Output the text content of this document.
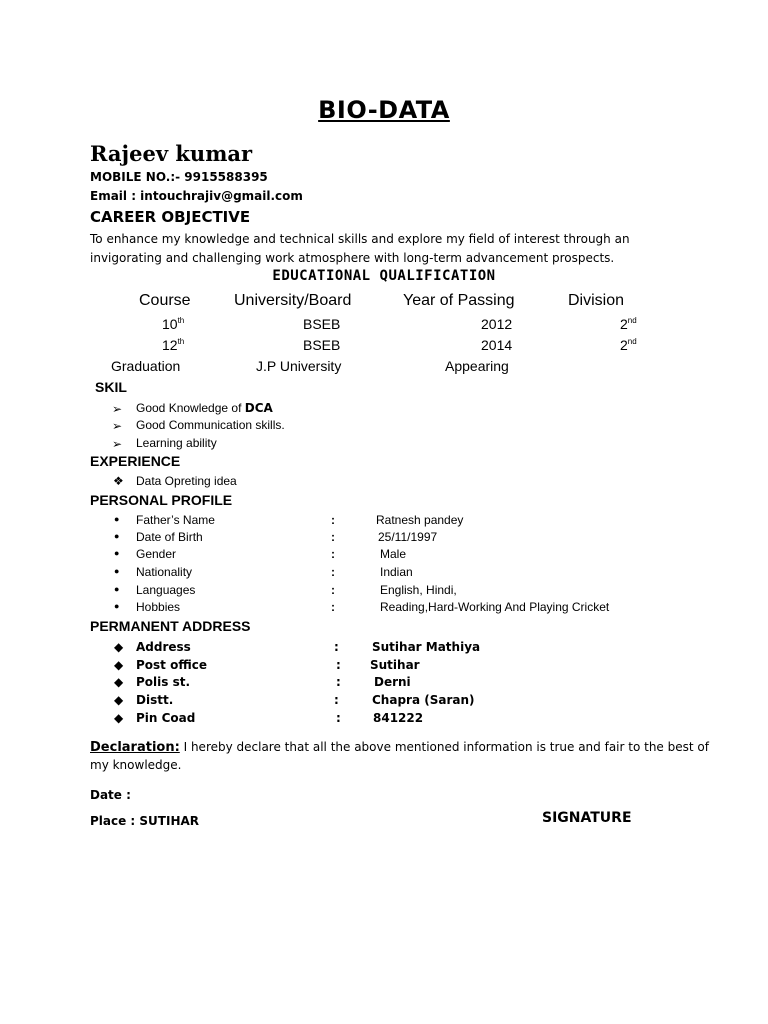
BIO-DATA
Rajeev kumar
MOBILE NO.:- 9915588395
Email : intouchrajiv@gmail.com
CAREER OBJECTIVE
To enhance my knowledge and technical skills and explore my field of interest through an invigorating and challenging work atmosphere with long-term advancement prospects.
EDUCATIONAL QUALIFICATION
Course	University/Board	Year of Passing	Division
10th	BSEB	2012	2nd
12th	BSEB	2014	2nd
Graduation	J.P University	Appearing
SKIL
➢ Good Knowledge of DCA
➢ Good Communication skills.
➢ Learning ability
EXPERIENCE
❖ Data Opreting idea
PERSONAL PROFILE
● Father’s Name	:	Ratnesh pandey
● Date of Birth	:	25/11/1997
● Gender	:	Male
● Nationality	:	Indian
● Languages	:	English, Hindi,
● Hobbies	:	Reading,Hard-Working And Playing Cricket
PERMANENT ADDRESS
◆ Address	:	Sutihar Mathiya
◆ Post office	: Sutihar
◆ Polis st.	:	Derni
◆ Distt.	:	Chapra (Saran)
◆ Pin Coad	:	841222
Declaration: I hereby declare that all the above mentioned information is true and fair to the best of
my knowledge.
Date :
Place : SUTIHAR	SIGNATURE
